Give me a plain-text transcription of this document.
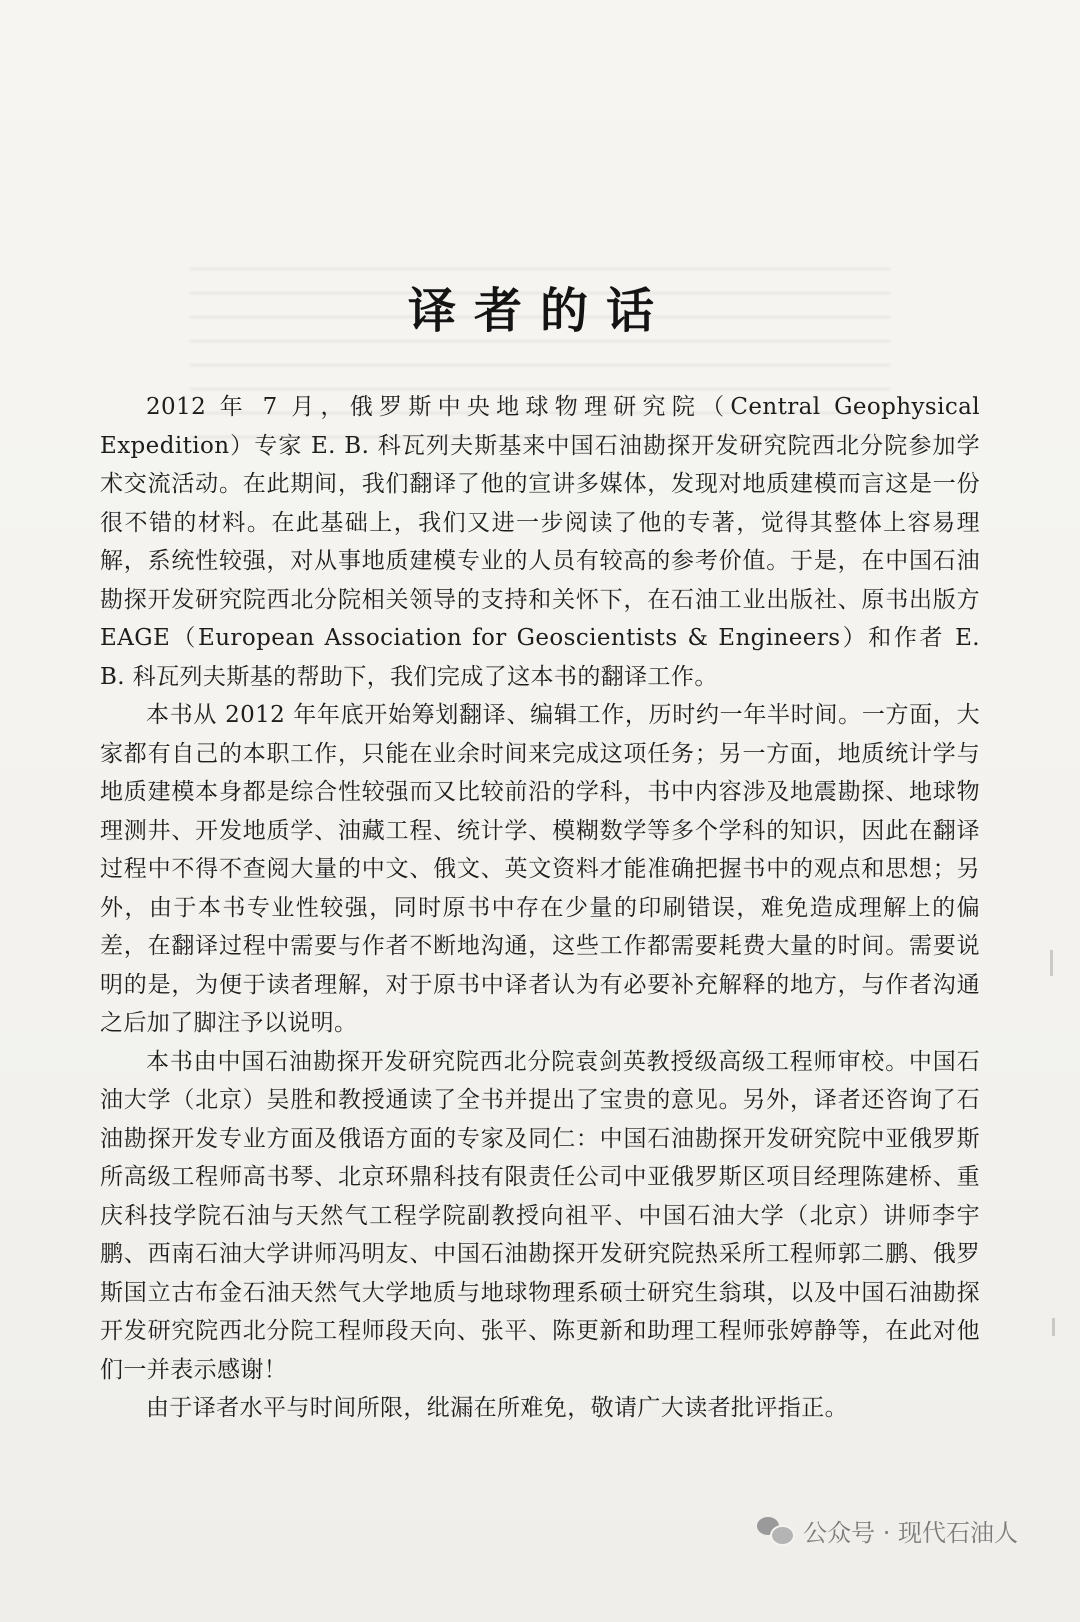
译者的话

2012 年 7 月，俄罗斯中央地球物理研究院（Central Geophysical Expedition）专家 E. B. 科瓦列夫斯基来中国石油勘探开发研究院西北分院参加学术交流活动。在此期间，我们翻译了他的宣讲多媒体，发现对地质建模而言这是一份很不错的材料。在此基础上，我们又进一步阅读了他的专著，觉得其整体上容易理解，系统性较强，对从事地质建模专业的人员有较高的参考价值。于是，在中国石油勘探开发研究院西北分院相关领导的支持和关怀下，在石油工业出版社、原书出版方 EAGE（European Association for Geoscientists & Engineers）和作者 E. B. 科瓦列夫斯基的帮助下，我们完成了这本书的翻译工作。

本书从 2012 年年底开始筹划翻译、编辑工作，历时约一年半时间。一方面，大家都有自己的本职工作，只能在业余时间来完成这项任务；另一方面，地质统计学与地质建模本身都是综合性较强而又比较前沿的学科，书中内容涉及地震勘探、地球物理测井、开发地质学、油藏工程、统计学、模糊数学等多个学科的知识，因此在翻译过程中不得不查阅大量的中文、俄文、英文资料才能准确把握书中的观点和思想；另外，由于本书专业性较强，同时原书中存在少量的印刷错误，难免造成理解上的偏差，在翻译过程中需要与作者不断地沟通，这些工作都需要耗费大量的时间。需要说明的是，为便于读者理解，对于原书中译者认为有必要补充解释的地方，与作者沟通之后加了脚注予以说明。

本书由中国石油勘探开发研究院西北分院袁剑英教授级高级工程师审校。中国石油大学（北京）吴胜和教授通读了全书并提出了宝贵的意见。另外，译者还咨询了石油勘探开发专业方面及俄语方面的专家及同仁：中国石油勘探开发研究院中亚俄罗斯所高级工程师高书琴、北京环鼎科技有限责任公司中亚俄罗斯区项目经理陈建桥、重庆科技学院石油与天然气工程学院副教授向祖平、中国石油大学（北京）讲师李宇鹏、西南石油大学讲师冯明友、中国石油勘探开发研究院热采所工程师郭二鹏、俄罗斯国立古布金石油天然气大学地质与地球物理系硕士研究生翁琪，以及中国石油勘探开发研究院西北分院工程师段天向、张平、陈更新和助理工程师张婷静等，在此对他们一并表示感谢！

由于译者水平与时间所限，纰漏在所难免，敬请广大读者批评指正。

公众号 · 现代石油人
